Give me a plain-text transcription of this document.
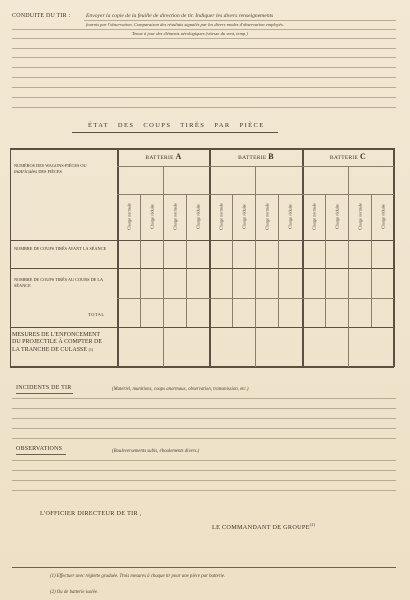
CONDUITE DU TIR :	Envoyer la copie de la feuille de direction de tir. Indiquer les divers renseignements
fournis par l'observation. Comparaison des résultats signalés par les divers modes d'observation employés.
Tenue à jour des éléments aérologiques (vitesse du vent, temp.)
ÉTAT DES COUPS TIRÉS PAR PIÈCE
BATTERIE A	BATTERIE B	BATTERIE C
Charge normale	Charge réduite	Charge normale	Charge réduite	Charge normale	Charge réduite	Charge normale	Charge réduite	Charge normale	Charge réduite	Charge normale	Charge réduite
NUMÉROS DES WAGONS-PIÈCES OU
matricules DES PIÈCES
NOMBRE DE COUPS TIRÉS AVANT LA SÉANCE
NOMBRE DE COUPS TIRÉS AU COURS DE LA SÉANCE
TOTAL
MESURES DE L'ENFONCEMENT
DU PROJECTILE À COMPTER DE
LA TRANCHE DE CULASSE (1)
INCIDENTS DE TIR	(Matériel, munitions, coups anormaux, observation, transmission, etc.)
OBSERVATIONS	(Bouleversements subis, éboulements divers.)
L'OFFICIER DIRECTEUR DE TIR ,
LE COMMANDANT DE GROUPE$^{(2)}$
(1) Effectuer avec réglette graduée. Trois mesures à chaque tir pour une pièce par batterie.
(2) Ou de batterie isolée.
